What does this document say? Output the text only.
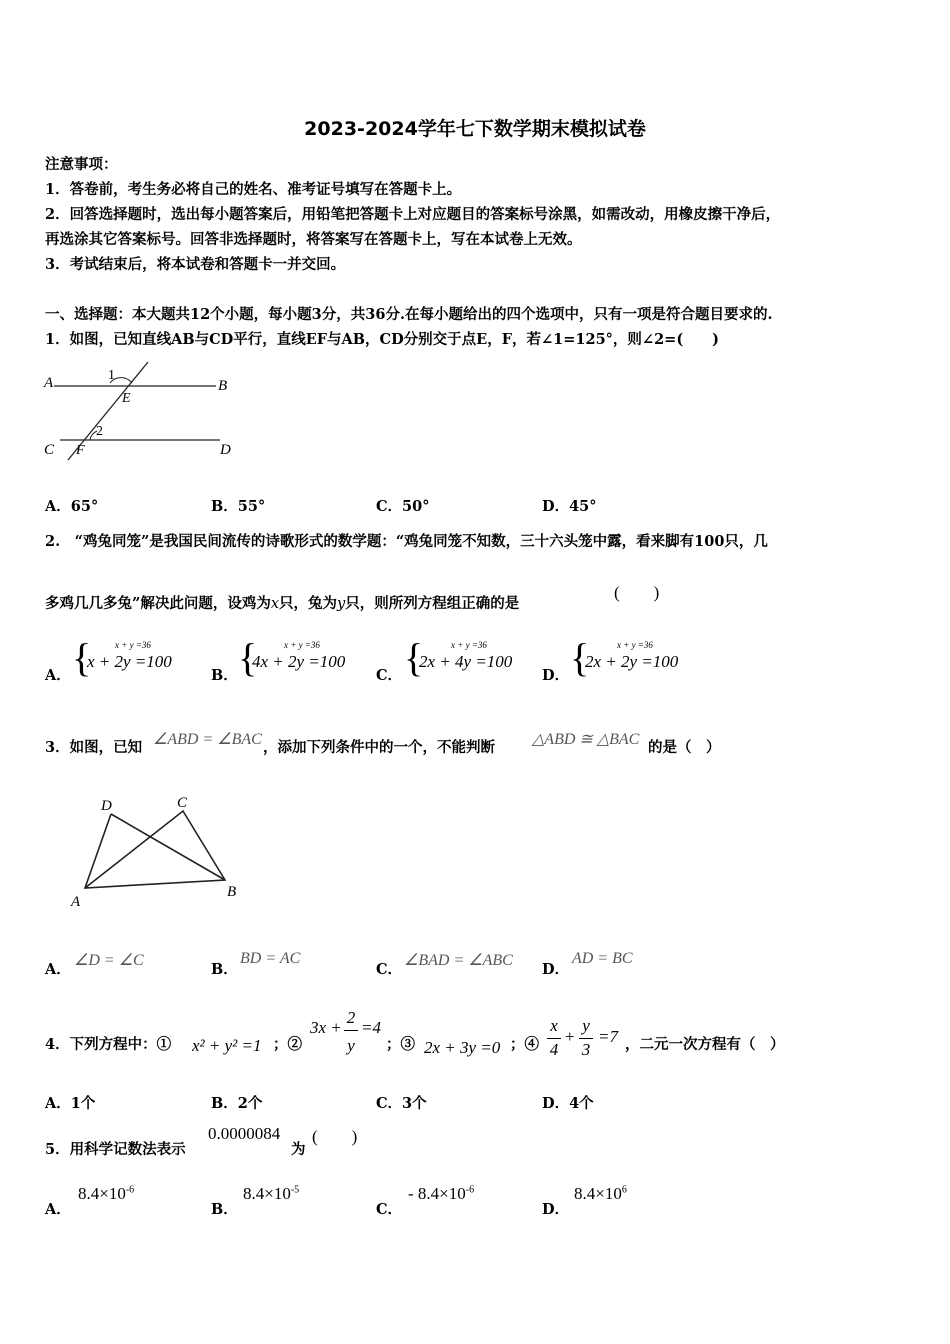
2023-2024学年七下数学期末模拟试卷
注意事项：
1．答卷前，考生务必将自己的姓名、准考证号填写在答题卡上。
2．回答选择题时，选出每小题答案后，用铅笔把答题卡上对应题目的答案标号涂黑，如需改动，用橡皮擦干净后，
再选涂其它答案标号。回答非选择题时，将答案写在答题卡上，写在本试卷上无效。
3．考试结束后，将本试卷和答题卡一并交回。
一、选择题：本大题共12个小题，每小题3分，共36分.在每小题给出的四个选项中，只有一项是符合题目要求的.
1．如图，已知直线AB与CD平行，直线EF与AB，CD分别交于点E，F，若∠1=125°，则∠2=(　　)
A	B
C	D
E
F
1
2
A．65°	B．55°	C．50°	D．45°
2.　“鸡兔同笼”是我国民间流传的诗歌形式的数学题：“鸡兔同笼不知数，三十六头笼中露，看来脚有100只，几
多鸡几几多兔”解决此问题，设鸡为x只，兔为y只，则所列方程组正确的是
(　　)
A． {	x + y =36
x + 2y =100
B． {	x + y =36
4x + 2y =100
C． {	x + y =36
2x + 4y =100
D． {	x + y =36
2x + 2y =100
3．如图，已知 ∠ABD = ∠BAC ，添加下列条件中的一个，不能判断 △ABD ≅ △BAC 的是（　）
D	C
A
B
A．
∠D = ∠C
B．
BD = AC
C．
∠BAD = ∠ABC
D．
AD = BC
4．下列方程中：① x² + y² =1 ；②
3x +
2
y
=4
；③ 2x + 3y =0 ；④
x
4
+
y
3
=7 ，二元一次方程有（　）
A．1个	B．2个	C．3个	D．4个
5．用科学记数法表示
0.0000084
为
(　　)
A．
$8.4\times 10^{-6}$
B．
$8.4\times 10^{-5}$
C．
- $8.4\times 10^{-6}$
D．
$8.4\times 10^6$
